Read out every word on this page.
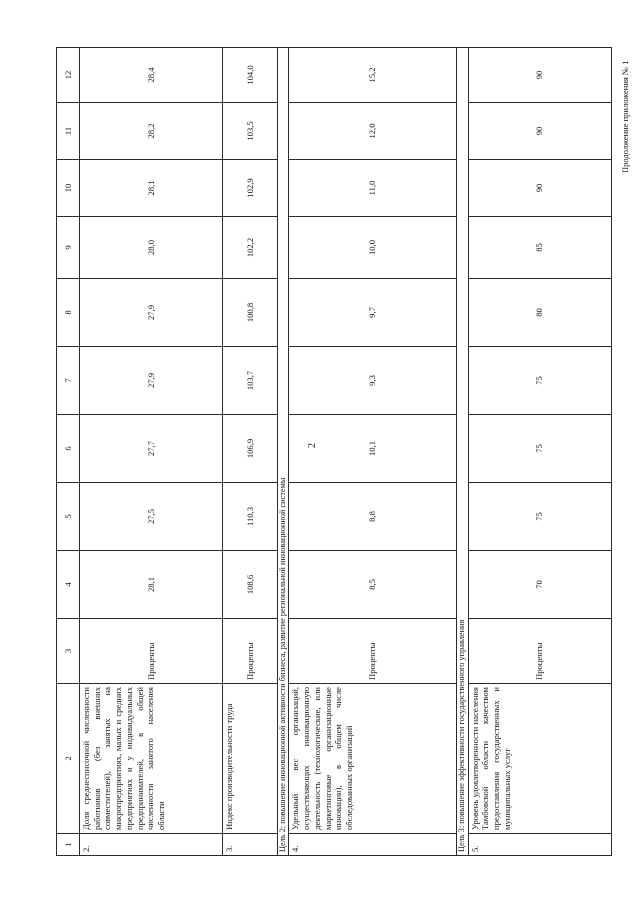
2
Продолжение приложения № 1
1	2	3	4	5	6	7	8	9	10	11	12
2.	Доля среднесписочной численности работников (без внешних совместителей), занятых на микропредприятиях, малых и средних предприятиях и у индивидуальных предпринимателей, в общей численности занятого населения области	Проценты	28,1	27,5	27,7	27,9	27,9	28,0	28,1	28,2	28,4
3.	Индекс производительности труда	Проценты	108,6	110,3	106,9	103,7	100,8	102,2	102,9	103,5	104,0
Цель 2: повышение инновационной активности бизнеса, развитие региональной инновационной системы											
4.	Удельный вес организаций, осуществляющих инновационную деятельность (технологические, или маркетинговые организационные инновации), в общем числе обследованных организаций	Проценты	8,5	8,8	10,1	9,3	9,7	10,0	11,0	12,0	15,2
Цель 3: повышение эффективности государственного управления											
5.	Уровень удовлетворенности населения Тамбовской области качеством предоставления государственных и муниципальных услуг	Проценты	70	75	75	75	80	85	90	90	90
